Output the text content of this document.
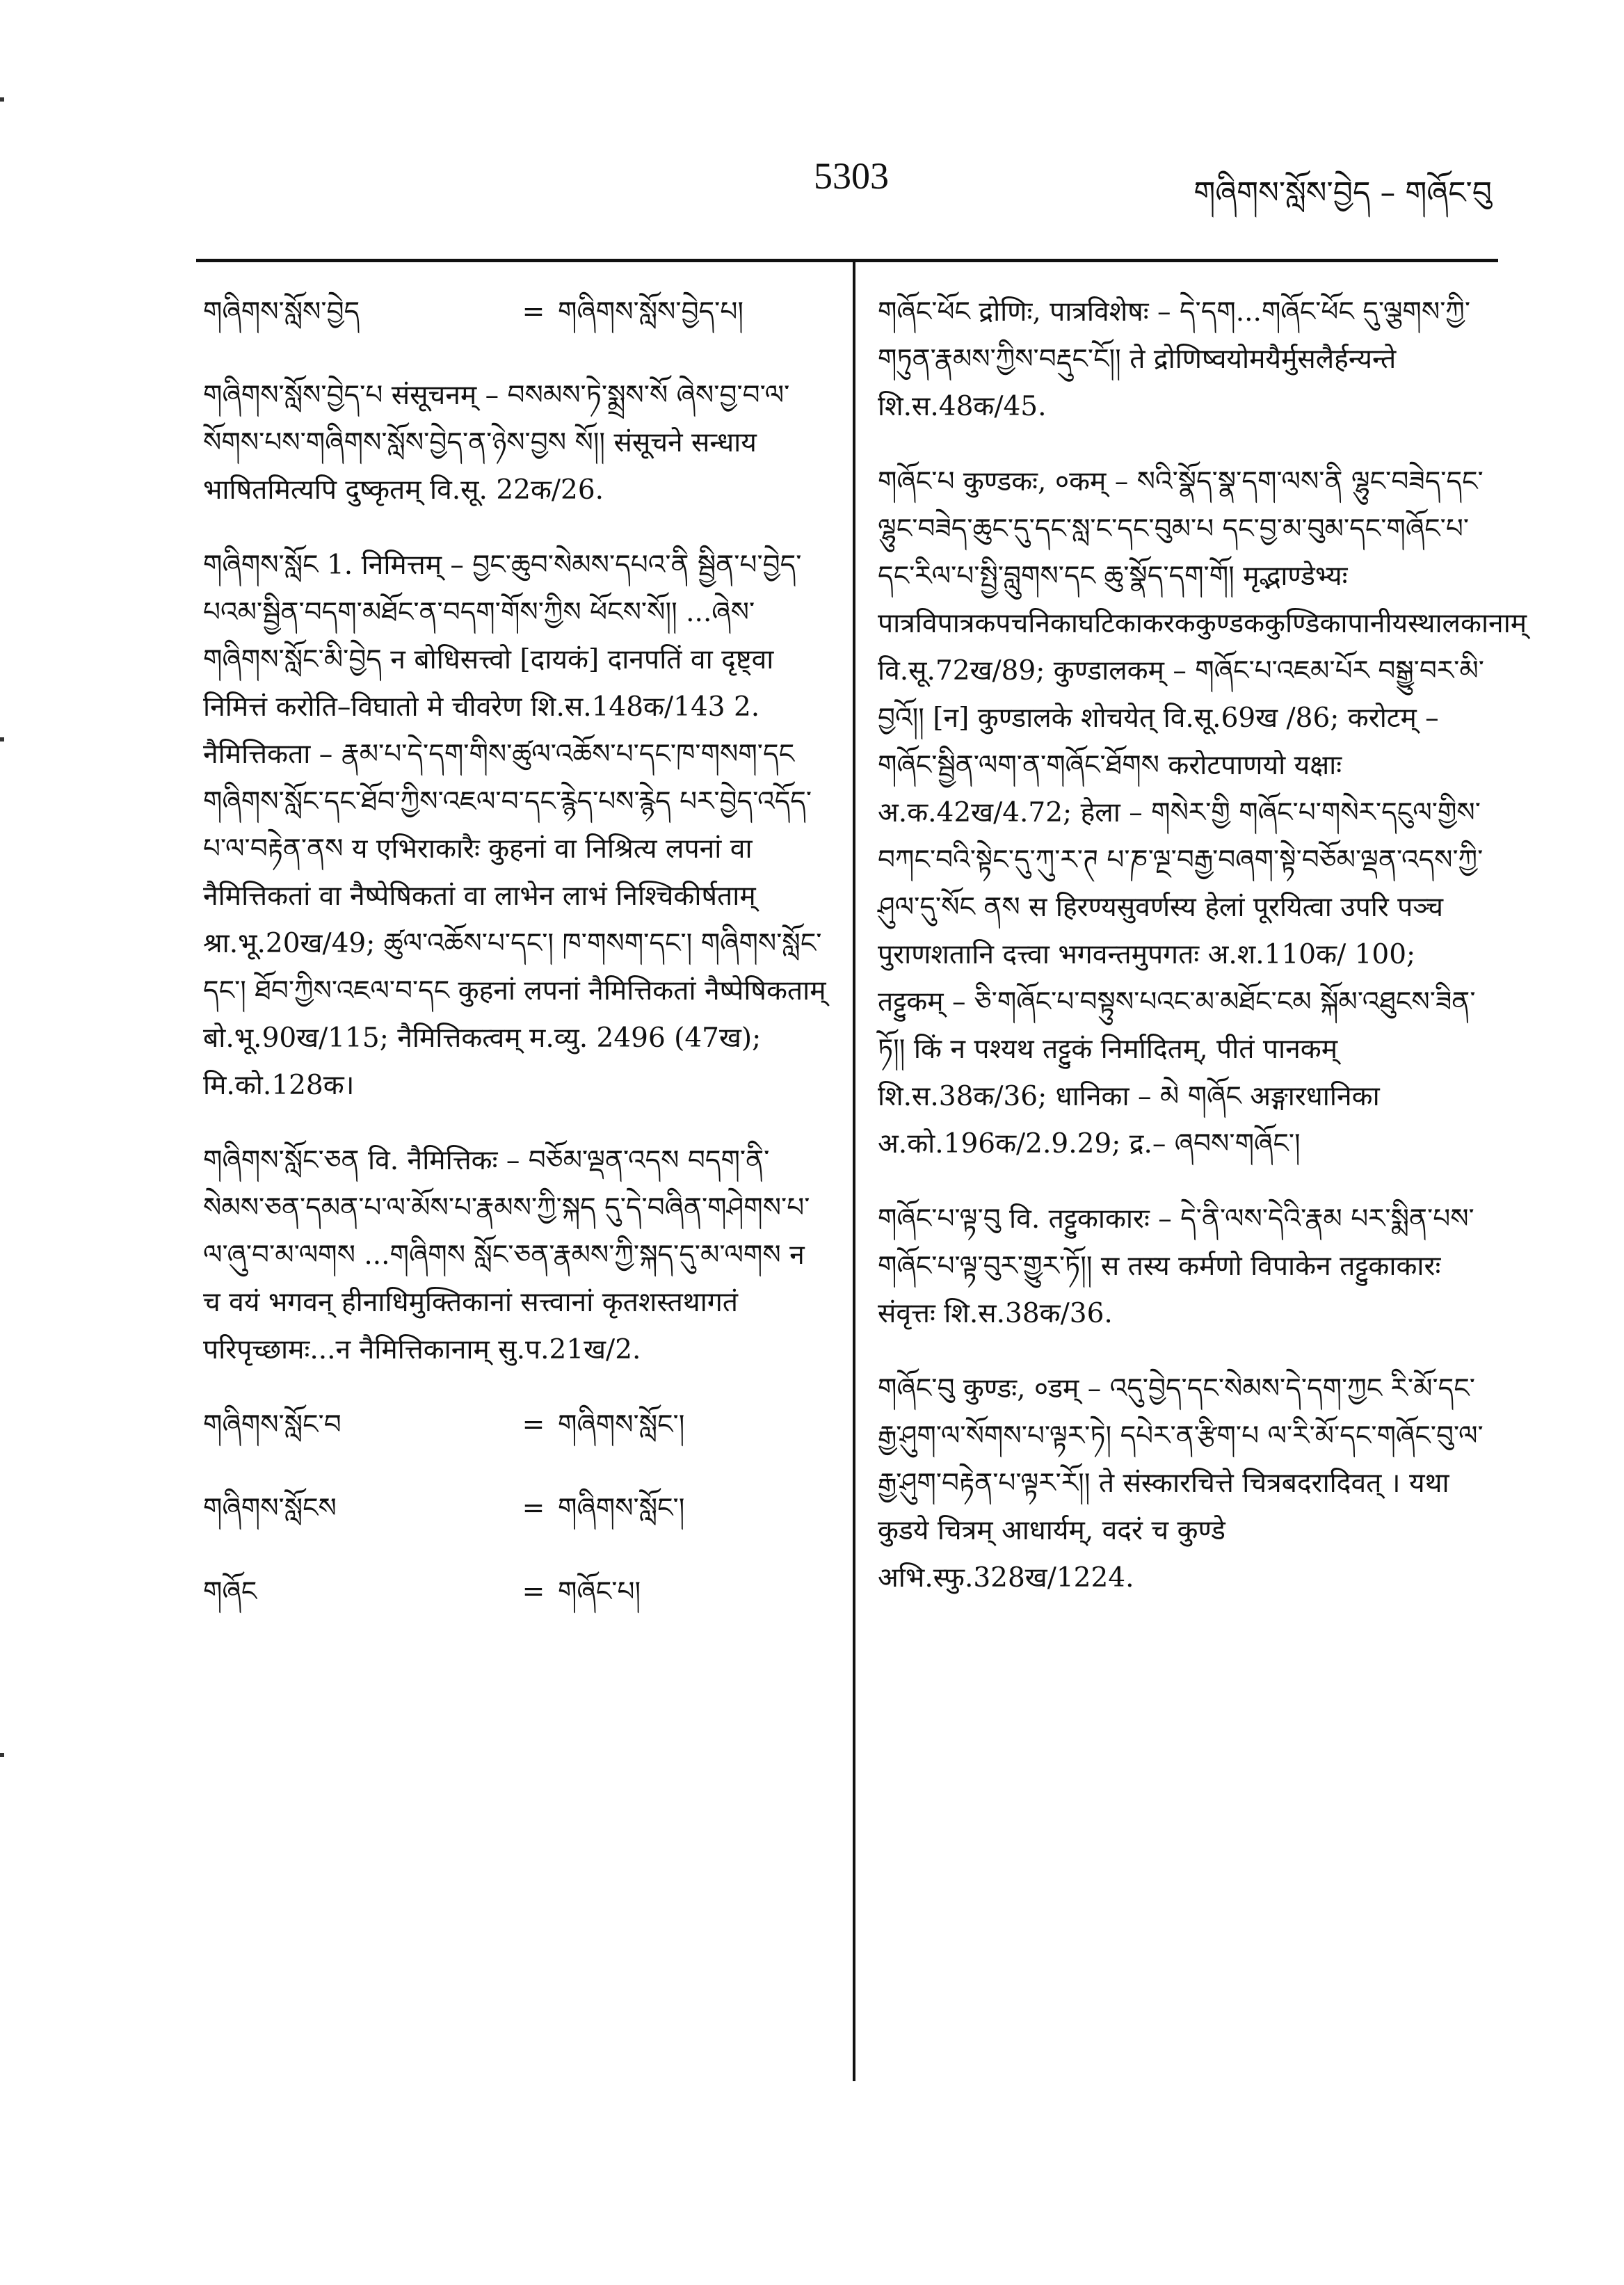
5303	གཞིགས་སློས་བྱེད – གཞོང་བུ
གཞིགས་སློས་བྱེད	= གཞིགས་སློས་བྱེད་པ།
གཞིགས་སློས་བྱེད་པ संसूचनम् – བསམས་ཏེ་སྨྲས་སོ ཞེས་བྱ་བ་ལ་སོགས་པས་གཞིགས་སློས་བྱེད་ན་ཉེས་བྱས སོ།། संसूचने सन्धाय भाषितमित्यपि दुष्कृतम् वि.सू. 22क/26.
གཞིགས་སློང 1. निमित्तम् – བྱང་ཆུབ་སེམས་དཔའ་ནི སྦྱིན་པ་བྱེད་པའམ་སྦྱིན་བདག་མཐོང་ན་བདག་གོས་ཀྱིས ཕོངས་སོ།། ...ཞེས་གཞིགས་སློང་མི་བྱེད न बोधिसत्त्वो [दायकं] दानपतिं वा दृष्ट्वा निमित्तं करोति–विघातो मे चीवरेण शि.स.148क/143 2. नैमित्तिकता – རྣམ་པ་དེ་དག་གིས་ཚུལ་འཆོས་པ་དང་ཁ་གསག་དང གཞིགས་སློང་དང་ཐོབ་ཀྱིས་འཇལ་བ་དང་རྙེད་པས་རྙེད པར་བྱེད་འདོད་པ་ལ་བརྟེན་ནས य एभिराकारैः कुहनां वा निश्रित्य लपनां वा नैमित्तिकतां वा नैष्पेषिकतां वा लाभेन लाभं निश्चिकीर्षताम् श्रा.भू.20ख/49; ཚུལ་འཆོས་པ་དང་། ཁ་གསག་དང་། གཞིགས་སློང་དང་། ཐོབ་ཀྱིས་འཇལ་བ་དང कुहनां लपनां नैमित्तिकतां नैष्पेषिकताम् बो.भू.90ख/115; नैमित्तिकत्वम् म.व्यु. 2496 (47ख); मि.को.128क।
གཞིགས་སློང་ཅན वि. नैमित्तिकः – བཅོམ་ལྡན་འདས བདག་ནི་སེམས་ཅན་དམན་པ་ལ་མོས་པ་རྣམས་ཀྱི་སྐད དུ་དེ་བཞིན་གཤེགས་པ་ལ་ཞུ་བ་མ་ལགས ...གཞིགས སློང་ཅན་རྣམས་ཀྱི་སྐད་དུ་མ་ལགས न च वयं भगवन् हीनाधिमुक्तिकानां सत्त्वानां कृतशस्तथागतं परिपृच्छामः...न नैमित्तिकानाम् सु.प.21ख/2.
གཞིགས་སློང་བ	= གཞིགས་སློང་།
གཞིགས་སློངས	= གཞིགས་སློང་།
གཞོང	= གཞོང་པ།
གཞོང་ཕོང द्रोणिः, पात्रविशेषः – དེ་དག...གཞོང་ཕོང དུ་ལྕགས་ཀྱི་གཏུན་རྣམས་ཀྱིས་བརྡུང་ངོ།། ते द्रोणिष्वयोमयैर्मुसलैर्हन्यन्ते शि.स.48क/45.
གཞོང་པ कुण्डकः, ०कम् – སའི་སྣོད་སྣ་དག་ལས་ནི ལྷུང་བཟེད་དང་ལྷུང་བཟེད་ཆུང་དུ་དང་སླ་ང་དང་བུམ་པ དང་བྱ་མ་བུམ་དང་གཞོང་པ་དང་རིལ་པ་སྤྱི་བླུགས་དང ཆུ་སྣོད་དག་གོ། मृद्भाण्डेभ्यः पात्रविपात्रकपचनिकाघटिकाकरककुण्डककुण्डिकापानीयस्थालकानाम् वि.सू.72ख/89; कुण्डालकम् – གཞོང་པ་འཇམ་པོར བསྒྱུ་བར་མི་བྱའོ།། [न] कुण्डालके शोचयेत् वि.सू.69ख /86; करोटम् – གཞོང་སྦྱིན་ལག་ན་གཞོང་ཐོགས करोटपाणयो यक्षाः अ.क.42ख/4.72; हेला – གསེར་གྱི གཞོང་པ་གསེར་དངུལ་གྱིས་བཀང་བའི་སྟེང་དུ་ཀུ་ར་ཊ པ་ཎ་ལྔ་བརྒྱ་བཞག་སྟེ་བཅོམ་ལྡན་འདས་ཀྱི་ཤུལ་དུ་སོང ནས स हिरण्यसुवर्णस्य हेलां पूरयित्वा उपरि पञ्च पुराणशतानि दत्त्वा भगवन्तमुपगतः अ.श.110क/ 100; तट्टुकम् – ཅི་གཞོང་པ་བསྟུས་པའང་མ་མཐོང་ངམ སྐོམ་འཐུངས་ཟིན་ཏོ།། किं न पश्यथ तट्टुकं निर्मादितम्, पीतं पानकम् शि.स.38क/36; धानिका – མེ གཞོང अङ्गारधानिका अ.को.196क/2.9.29; द्र.– ཞབས་གཞོང་།
གཞོང་པ་ལྟ་བུ वि. तट्टुकाकारः – དེ་ནི་ལས་དེའི་རྣམ པར་སྨིན་པས་གཞོང་པ་ལྟ་བུར་གྱུར་ཏོ།། स तस्य कर्मणो विपाकेन तट्टुकाकारः संवृत्तः शि.स.38क/36.
གཞོང་བུ कुण्डः, ०डम् – འདུ་བྱེད་དང་སེམས་དེ་དག་ཀྱང རི་མོ་དང་རྒྱ་ཤུག་ལ་སོགས་པ་ལྟར་ཏེ། དཔེར་ན་རྩིག་པ ལ་རི་མོ་དང་གཞོང་བུ་ལ་རྒྱ་ཤུག་བརྟེན་པ་ལྟར་རོ།། ते संस्कारचित्ते चित्रबदरादिवत् । यथा कुडये चित्रम् आधार्यम्, वदरं च कुण्डे अभि.स्फु.328ख/1224.
